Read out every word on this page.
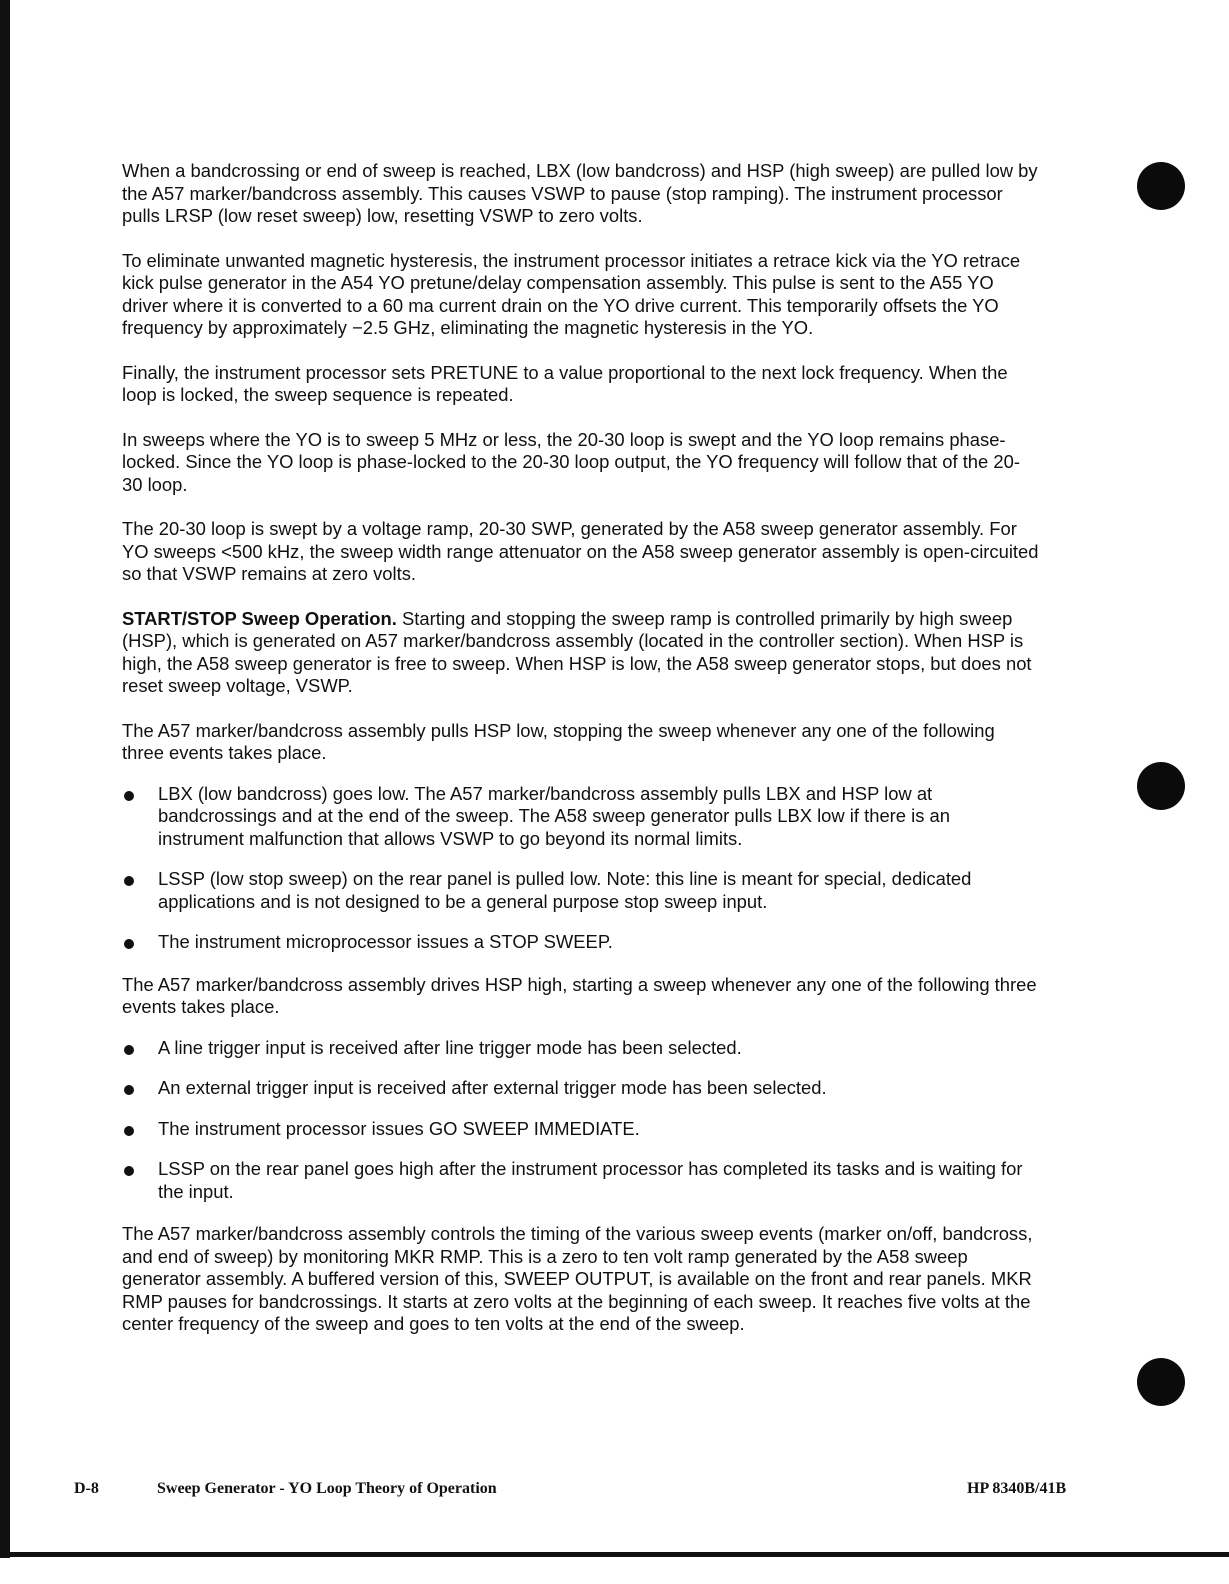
When a bandcrossing or end of sweep is reached, LBX (low bandcross) and HSP (high sweep) are pulled low by the A57 marker/bandcross assembly. This causes VSWP to pause (stop ramping). The instrument processor pulls LRSP (low reset sweep) low, resetting VSWP to zero volts.

To eliminate unwanted magnetic hysteresis, the instrument processor initiates a retrace kick via the YO retrace kick pulse generator in the A54 YO pretune/delay compensation assembly. This pulse is sent to the A55 YO driver where it is converted to a 60 ma current drain on the YO drive current. This temporarily offsets the YO frequency by approximately −2.5 GHz, eliminating the magnetic hysteresis in the YO.

Finally, the instrument processor sets PRETUNE to a value proportional to the next lock frequency. When the loop is locked, the sweep sequence is repeated.

In sweeps where the YO is to sweep 5 MHz or less, the 20-30 loop is swept and the YO loop remains phase-locked. Since the YO loop is phase-locked to the 20-30 loop output, the YO frequency will follow that of the 20-30 loop.

The 20-30 loop is swept by a voltage ramp, 20-30 SWP, generated by the A58 sweep generator assembly. For YO sweeps <500 kHz, the sweep width range attenuator on the A58 sweep generator assembly is open-circuited so that VSWP remains at zero volts.

START/STOP Sweep Operation. Starting and stopping the sweep ramp is controlled primarily by high sweep (HSP), which is generated on A57 marker/bandcross assembly (located in the controller section). When HSP is high, the A58 sweep generator is free to sweep. When HSP is low, the A58 sweep generator stops, but does not reset sweep voltage, VSWP.

The A57 marker/bandcross assembly pulls HSP low, stopping the sweep whenever any one of the following three events takes place.

LBX (low bandcross) goes low. The A57 marker/bandcross assembly pulls LBX and HSP low at bandcrossings and at the end of the sweep. The A58 sweep generator pulls LBX low if there is an instrument malfunction that allows VSWP to go beyond its normal limits.
LSSP (low stop sweep) on the rear panel is pulled low. Note: this line is meant for special, dedicated applications and is not designed to be a general purpose stop sweep input.
The instrument microprocessor issues a STOP SWEEP.

The A57 marker/bandcross assembly drives HSP high, starting a sweep whenever any one of the following three events takes place.

A line trigger input is received after line trigger mode has been selected.
An external trigger input is received after external trigger mode has been selected.
The instrument processor issues GO SWEEP IMMEDIATE.
LSSP on the rear panel goes high after the instrument processor has completed its tasks and is waiting for the input.

The A57 marker/bandcross assembly controls the timing of the various sweep events (marker on/off, bandcross, and end of sweep) by monitoring MKR RMP. This is a zero to ten volt ramp generated by the A58 sweep generator assembly. A buffered version of this, SWEEP OUTPUT, is available on the front and rear panels. MKR RMP pauses for bandcrossings. It starts at zero volts at the beginning of each sweep. It reaches five volts at the center frequency of the sweep and goes to ten volts at the end of the sweep.

D-8	Sweep Generator - YO Loop Theory of Operation	HP 8340B/41B
